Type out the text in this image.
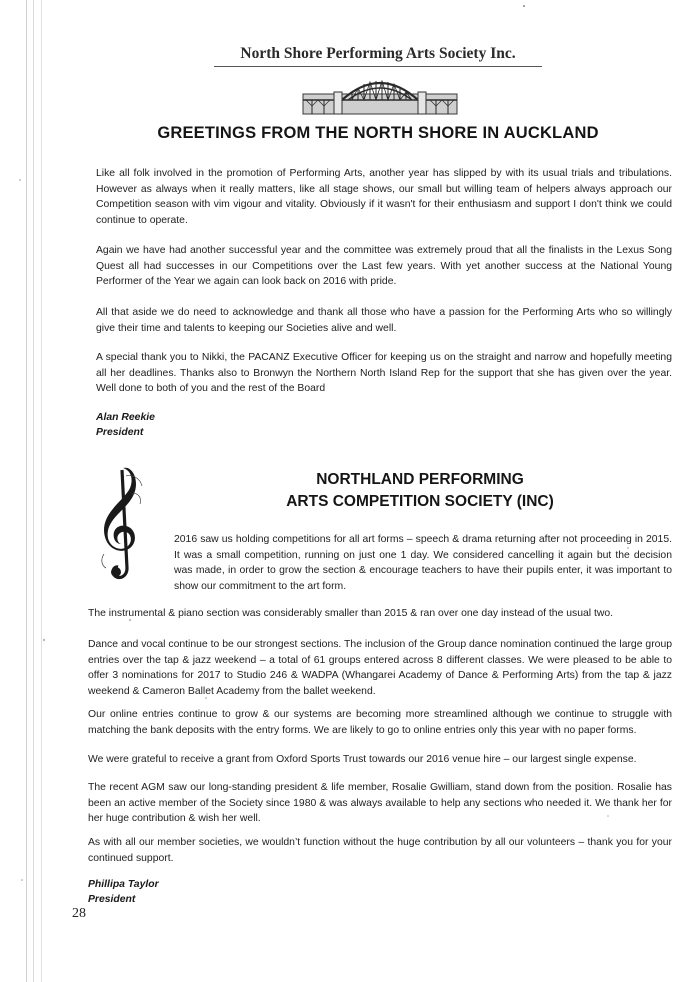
North Shore Performing Arts Society Inc.
GREETINGS FROM THE NORTH SHORE IN AUCKLAND

Like all folk involved in the promotion of Performing Arts, another year has slipped by with its usual trials and tribulations. However as always when it really matters, like all stage shows, our small but willing team of helpers always approach our Competition season with vim vigour and vitality. Obviously if it wasn't for their enthusiasm and support I don't think we could continue to operate.

Again we have had another successful year and the committee was extremely proud that all the finalists in the Lexus Song Quest all had successes in our Competitions over the Last few years. With yet another success at the National Young Performer of the Year we again can look back on 2016 with pride.

All that aside we do need to acknowledge and thank all those who have a passion for the Performing Arts who so willingly give their time and talents to keeping our Societies alive and well.

A special thank you to Nikki, the PACANZ Executive Officer for keeping us on the straight and narrow and hopefully meeting all her deadlines. Thanks also to Bronwyn the Northern North Island Rep for the support that she has given over the year. Well done to both of you and the rest of the Board

Alan Reekie
President
NORTHLAND PERFORMING
ARTS COMPETITION SOCIETY (INC)

2016 saw us holding competitions for all art forms – speech & drama returning after not proceeding in 2015. It was a small competition, running on just one 1 day. We considered cancelling it again but the decision was made, in order to grow the section & encourage teachers to have their pupils enter, it was important to show our commitment to the art form.

The instrumental & piano section was considerably smaller than 2015 & ran over one day instead of the usual two.

Dance and vocal continue to be our strongest sections. The inclusion of the Group dance nomination continued the large group entries over the tap & jazz weekend – a total of 61 groups entered across 8 different classes. We were pleased to be able to offer 3 nominations for 2017 to Studio 246 & WADPA (Whangarei Academy of Dance & Performing Arts) from the tap & jazz weekend & Cameron Ballet Academy from the ballet weekend.

Our online entries continue to grow & our systems are becoming more streamlined although we continue to struggle with matching the bank deposits with the entry forms. We are likely to go to online entries only this year with no paper forms.

We were grateful to receive a grant from Oxford Sports Trust towards our 2016 venue hire – our largest single expense.

The recent AGM saw our long-standing president & life member, Rosalie Gwilliam, stand down from the position. Rosalie has been an active member of the Society since 1980 & was always available to help any sections who needed it. We thank her for her huge contribution & wish her well.

As with all our member societies, we wouldn’t function without the huge contribution by all our volunteers – thank you for your continued support.

Phillipa Taylor
President
28
